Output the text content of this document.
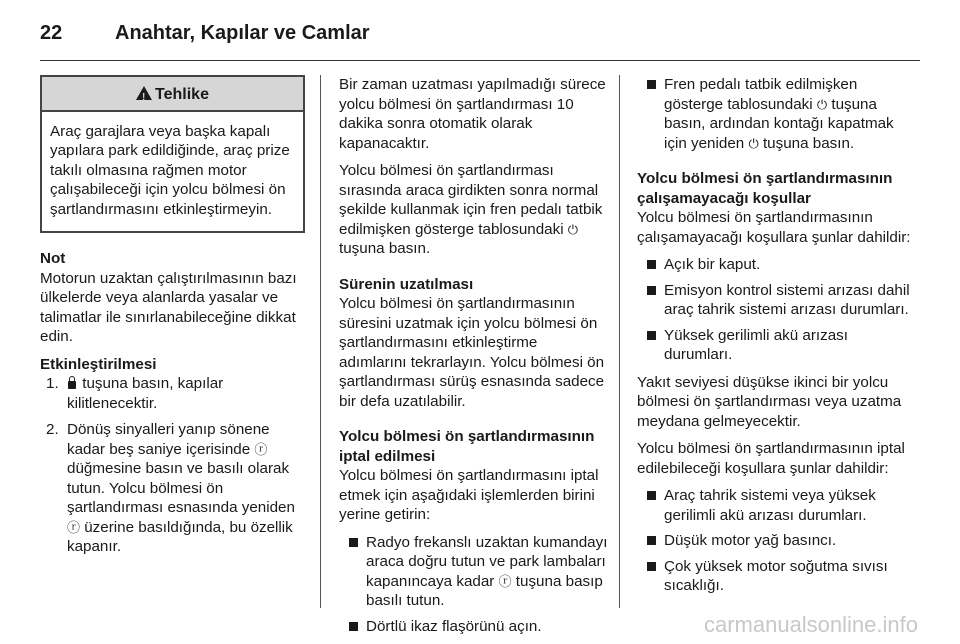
22	Anahtar, Kapılar ve Camlar
!Tehlike

Araç garajlara veya başka kapalı yapılara park edildiğinde, araç prize takılı olmasına rağmen motor çalışabileceği için yolcu bölmesi ön şartlandırmasını etkinleştirmeyin.

Not

Motorun uzaktan çalıştırılmasının bazı ülkelerde veya alanlarda yasalar ve talimatlar ile sınırlanabileceğine dikkat edin.

Etkinleştirilmesi
1. tuşuna basın, kapılar kilitlenecektir.
2. Dönüş sinyalleri yanıp sönene kadar beş saniye içerisinde ⓡ düğmesine basın ve basılı olarak tutun. Yolcu bölmesi ön şartlandırması esnasında yeniden ⓡ üzerine basıldığında, bu özellik kapanır.

Bir zaman uzatması yapılmadığı sürece yolcu bölmesi ön şartlandırması 10 dakika sonra otomatik olarak kapanacaktır.

Yolcu bölmesi ön şartlandırması sırasında araca girdikten sonra normal şekilde kullanmak için fren pedalı tatbik edilmişken gösterge tablosundaki ⏻ tuşuna basın.

Sürenin uzatılması

Yolcu bölmesi ön şartlandırmasının süresini uzatmak için yolcu bölmesi ön şartlandırmasını etkinleştirme adımlarını tekrarlayın. Yolcu bölmesi ön şartlandırması sürüş esnasında sadece bir defa uzatılabilir.

Yolcu bölmesi ön şartlandırmasının iptal edilmesi

Yolcu bölmesi ön şartlandırmasını iptal etmek için aşağıdaki işlemlerden birini yerine getirin:

Radyo frekanslı uzaktan kumandayı araca doğru tutun ve park lambaları kapanıncaya kadar ⓡ tuşuna basıp basılı tutun.
Dörtlü ikaz flaşörünü açın.
Fren pedalı tatbik edilmişken gösterge tablosundaki ⏻ tuşuna basın, ardından kontağı kapatmak için yeniden ⏻ tuşuna basın.
Yolcu bölmesi ön şartlandırmasının çalışamayacağı koşullar

Yolcu bölmesi ön şartlandırmasının çalışamayacağı koşullara şunlar dahildir:

Açık bir kaput.
Emisyon kontrol sistemi arızası dahil araç tahrik sistemi arızası durumları.
Yüksek gerilimli akü arızası durumları.

Yakıt seviyesi düşükse ikinci bir yolcu bölmesi ön şartlandırması veya uzatma meydana gelmeyecektir.

Yolcu bölmesi ön şartlandırmasının iptal edilebileceği koşullara şunlar dahildir:

Araç tahrik sistemi veya yüksek gerilimli akü arızası durumları.
Düşük motor yağ basıncı.
Çok yüksek motor soğutma sıvısı sıcaklığı.
carmanualsonline.info
